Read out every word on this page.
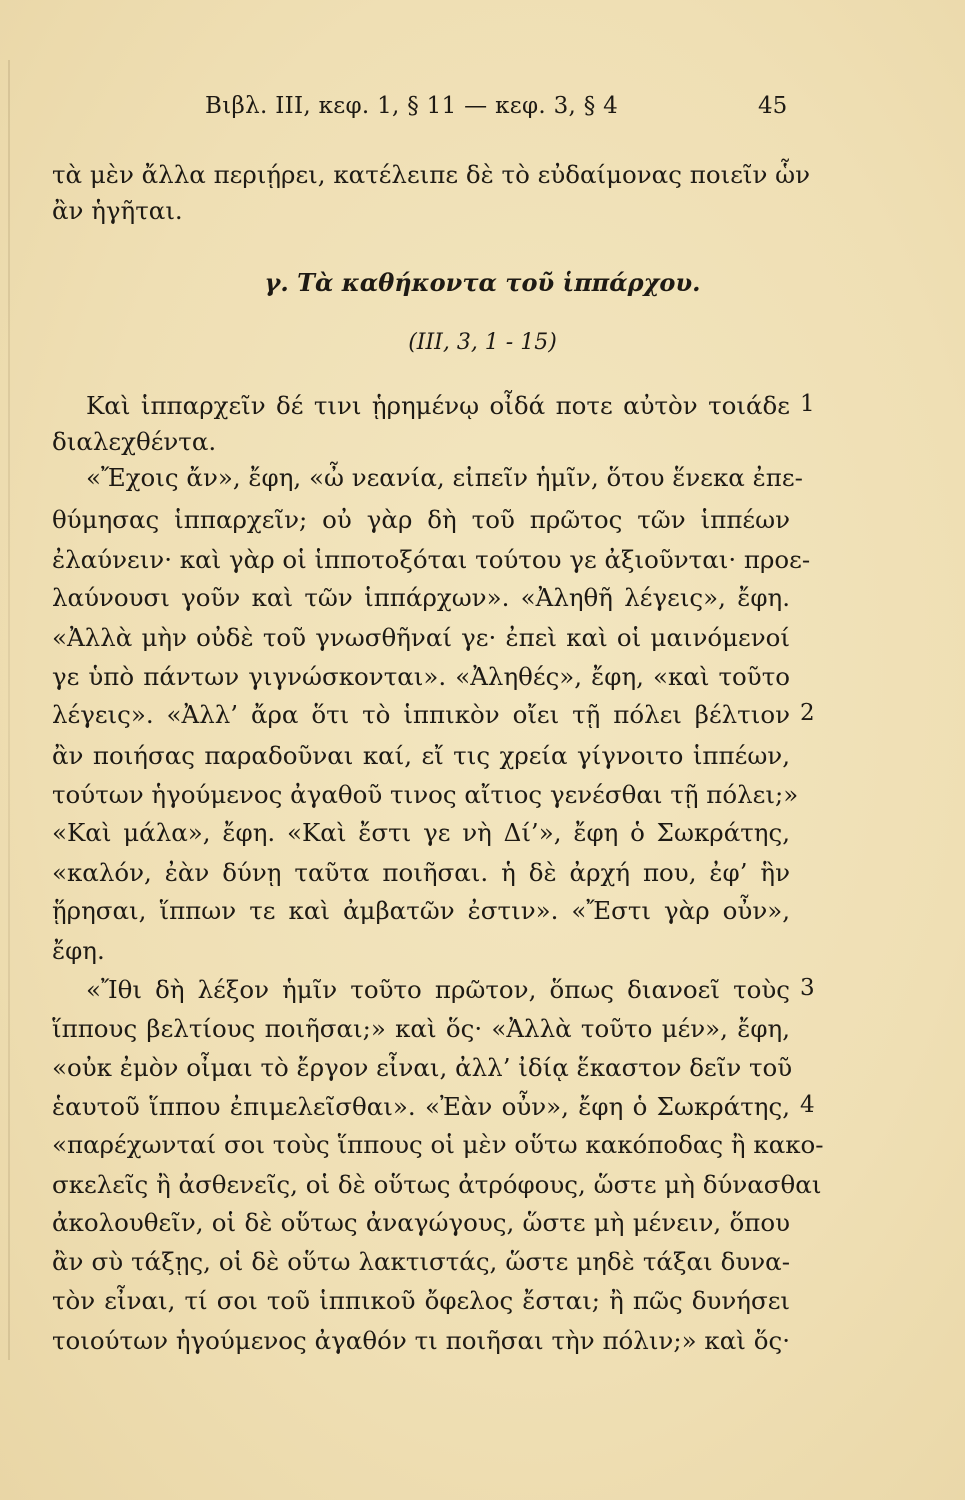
Βιβλ. III, κεφ. 1, § 11 — κεφ. 3, § 4	45
τὰ μὲν ἄλλα περιῄρει, κατέλειπε δὲ τὸ εὐδαίμονας ποιεῖν ὧν
ἂν ἡγῆται.
γ. Τὰ καθήκοντα τοῦ ἱππάρχου.
(III, 3, 1 - 15)
Καὶ ἱππαρχεῖν δέ τινι ᾑρημένῳ οἶδά ποτε αὐτὸν τοιάδε 1
διαλεχθέντα.
«Ἔχοις ἄν», ἔφη, «ὦ νεανία, εἰπεῖν ἡμῖν, ὅτου ἕνεκα ἐπε-
θύμησας ἱππαρχεῖν; οὐ γὰρ δὴ τοῦ πρῶτος τῶν ἱππέων
ἐλαύνειν· καὶ γὰρ οἱ ἱπποτοξόται τούτου γε ἀξιοῦνται· προε-
λαύνουσι γοῦν καὶ τῶν ἱππάρχων». «Ἀληθῆ λέγεις», ἔφη.
«Ἀλλὰ μὴν οὐδὲ τοῦ γνωσθῆναί γε· ἐπεὶ καὶ οἱ μαινόμενοί
γε ὑπὸ πάντων γιγνώσκονται». «Ἀληθές», ἔφη, «καὶ τοῦτο
λέγεις». «Ἀλλ’ ἄρα ὅτι τὸ ἱππικὸν οἴει τῇ πόλει βέλτιον 2
ἂν ποιήσας παραδοῦναι καί, εἴ τις χρεία γίγνοιτο ἱππέων,
τούτων ἡγούμενος ἀγαθοῦ τινος αἴτιος γενέσθαι τῇ πόλει;»
«Καὶ μάλα», ἔφη. «Καὶ ἔστι γε νὴ Δί’», ἔφη ὁ Σωκράτης,
«καλόν, ἐὰν δύνῃ ταῦτα ποιῆσαι. ἡ δὲ ἀρχή που, ἐφ’ ἣν
ᾕρησαι, ἵππων τε καὶ ἀμβατῶν ἐστιν». «Ἔστι γὰρ οὖν»,
ἔφη.
«Ἴθι δὴ λέξον ἡμῖν τοῦτο πρῶτον, ὅπως διανοεῖ τοὺς 3
ἵππους βελτίους ποιῆσαι;» καὶ ὅς· «Ἀλλὰ τοῦτο μέν», ἔφη,
«οὐκ ἐμὸν οἶμαι τὸ ἔργον εἶναι, ἀλλ’ ἰδίᾳ ἕκαστον δεῖν τοῦ
ἑαυτοῦ ἵππου ἐπιμελεῖσθαι». «Ἐὰν οὖν», ἔφη ὁ Σωκράτης, 4
«παρέχωνταί σοι τοὺς ἵππους οἱ μὲν οὕτω κακόποδας ἢ κακο-
σκελεῖς ἢ ἀσθενεῖς, οἱ δὲ οὕτως ἀτρόφους, ὥστε μὴ δύνασθαι
ἀκολουθεῖν, οἱ δὲ οὕτως ἀναγώγους, ὥστε μὴ μένειν, ὅπου
ἂν σὺ τάξῃς, οἱ δὲ οὕτω λακτιστάς, ὥστε μηδὲ τάξαι δυνα-
τὸν εἶναι, τί σοι τοῦ ἱππικοῦ ὄφελος ἔσται; ἢ πῶς δυνήσει
τοιούτων ἡγούμενος ἀγαθόν τι ποιῆσαι τὴν πόλιν;» καὶ ὅς·
